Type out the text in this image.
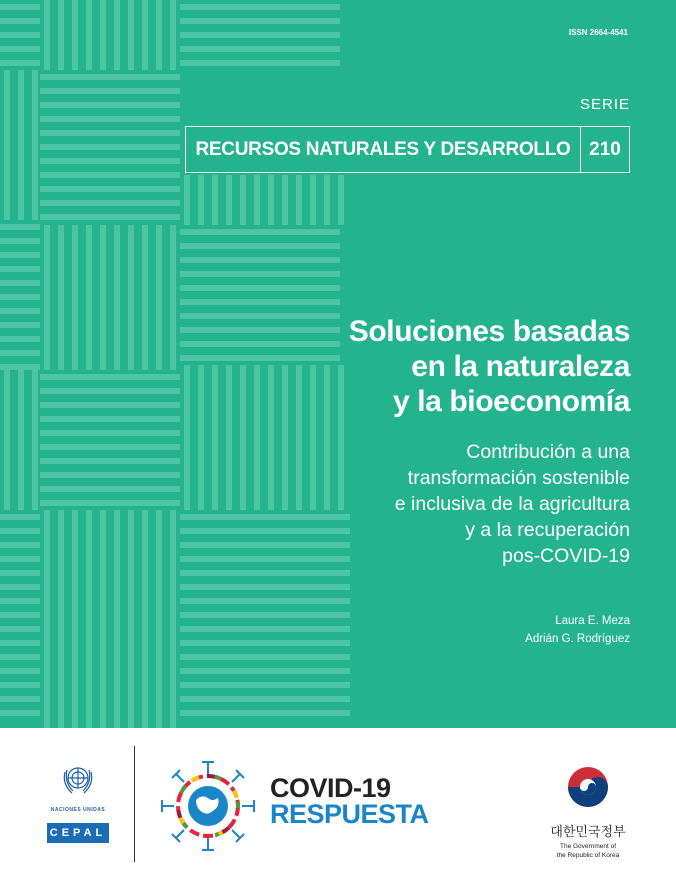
ISSN 2664-4541
SERIE
RECURSOS NATURALES Y DESARROLLO 210
Soluciones basadas
en la naturaleza
y la bioeconomía
Contribución a una
transformación sostenible
e inclusiva de la agricultura
y a la recuperación
pos-COVID-19
Laura E. Meza
Adrián G. Rodríguez
NACIONES UNIDAS
CEPAL
COVID-19
RESPUESTA
대한민국정부
The Government of
the Republic of Korea
